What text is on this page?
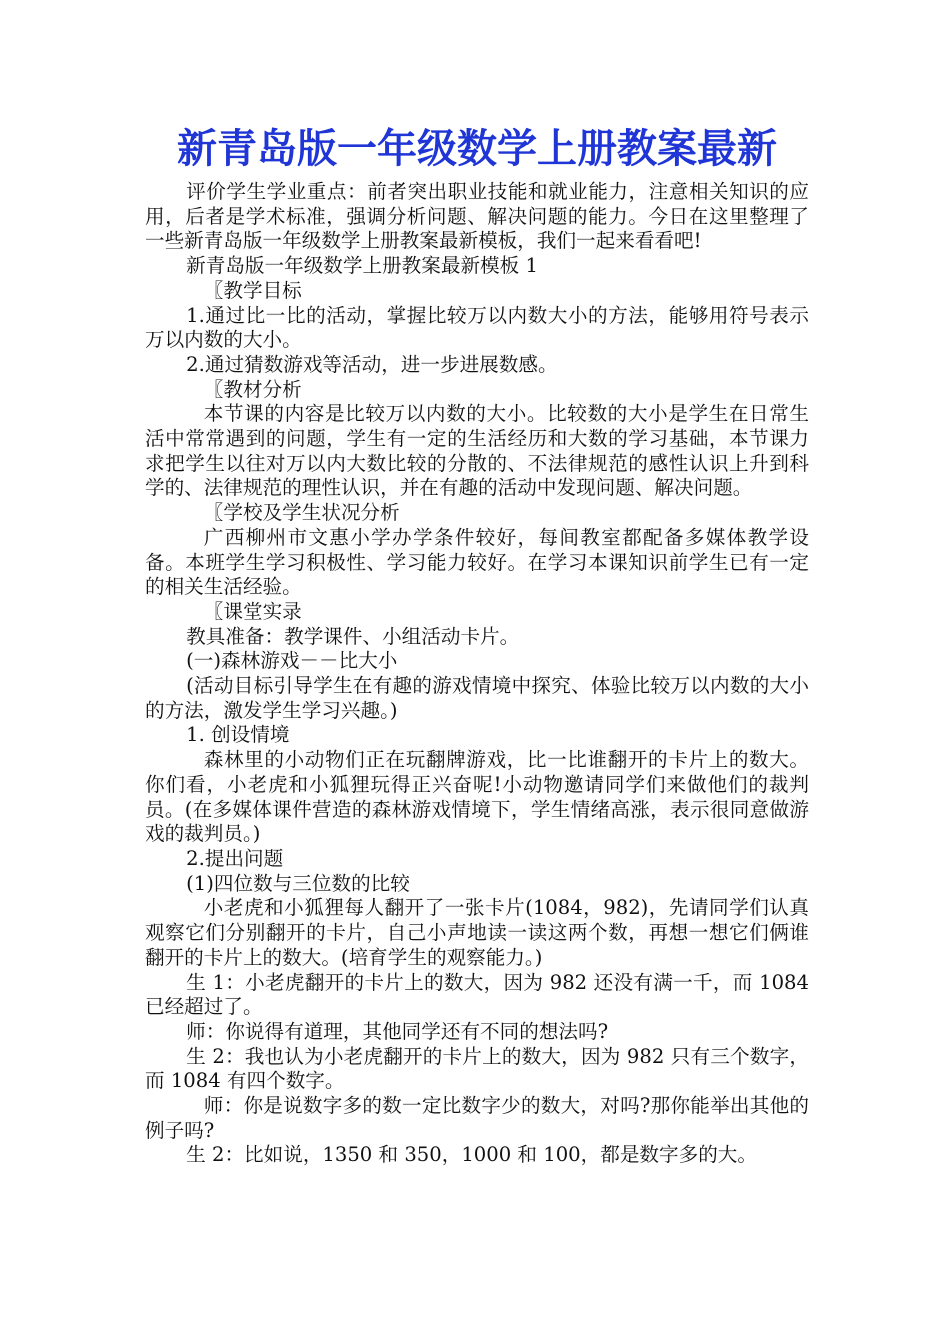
新青岛版一年级数学上册教案最新

评价学生学业重点：前者突出职业技能和就业能力，注意相关知识的应用，后者是学术标准，强调分析问题、解决问题的能力。今日在这里整理了一些新青岛版一年级数学上册教案最新模板，我们一起来看看吧!

新青岛版一年级数学上册教案最新模板 1

〖教学目标

1.通过比一比的活动，掌握比较万以内数大小的方法，能够用符号表示万以内数的大小。

2.通过猜数游戏等活动，进一步进展数感。

〖教材分析

本节课的内容是比较万以内数的大小。比较数的大小是学生在日常生活中常常遇到的问题，学生有一定的生活经历和大数的学习基础，本节课力求把学生以往对万以内大数比较的分散的、不法律规范的感性认识上升到科学的、法律规范的理性认识，并在有趣的活动中发现问题、解决问题。

〖学校及学生状况分析

广西柳州市文惠小学办学条件较好，每间教室都配备多媒体教学设备。本班学生学习积极性、学习能力较好。在学习本课知识前学生已有一定的相关生活经验。

〖课堂实录

教具准备：教学课件、小组活动卡片。

(一)森林游戏－－比大小

(活动目标引导学生在有趣的游戏情境中探究、体验比较万以内数的大小的方法，激发学生学习兴趣。)

1. 创设情境

森林里的小动物们正在玩翻牌游戏，比一比谁翻开的卡片上的数大。你们看，小老虎和小狐狸玩得正兴奋呢!小动物邀请同学们来做他们的裁判员。(在多媒体课件营造的森林游戏情境下，学生情绪高涨，表示很同意做游戏的裁判员。)

2.提出问题

(1)四位数与三位数的比较

小老虎和小狐狸每人翻开了一张卡片(1084，982)，先请同学们认真观察它们分别翻开的卡片，自己小声地读一读这两个数，再想一想它们俩谁翻开的卡片上的数大。(培育学生的观察能力。)

生 1：小老虎翻开的卡片上的数大，因为 982 还没有满一千，而 1084 已经超过了。

师：你说得有道理，其他同学还有不同的想法吗?

生 2：我也认为小老虎翻开的卡片上的数大，因为 982 只有三个数字，而 1084 有四个数字。

师：你是说数字多的数一定比数字少的数大，对吗?那你能举出其他的例子吗?

生 2：比如说，1350 和 350，1000 和 100，都是数字多的大。
